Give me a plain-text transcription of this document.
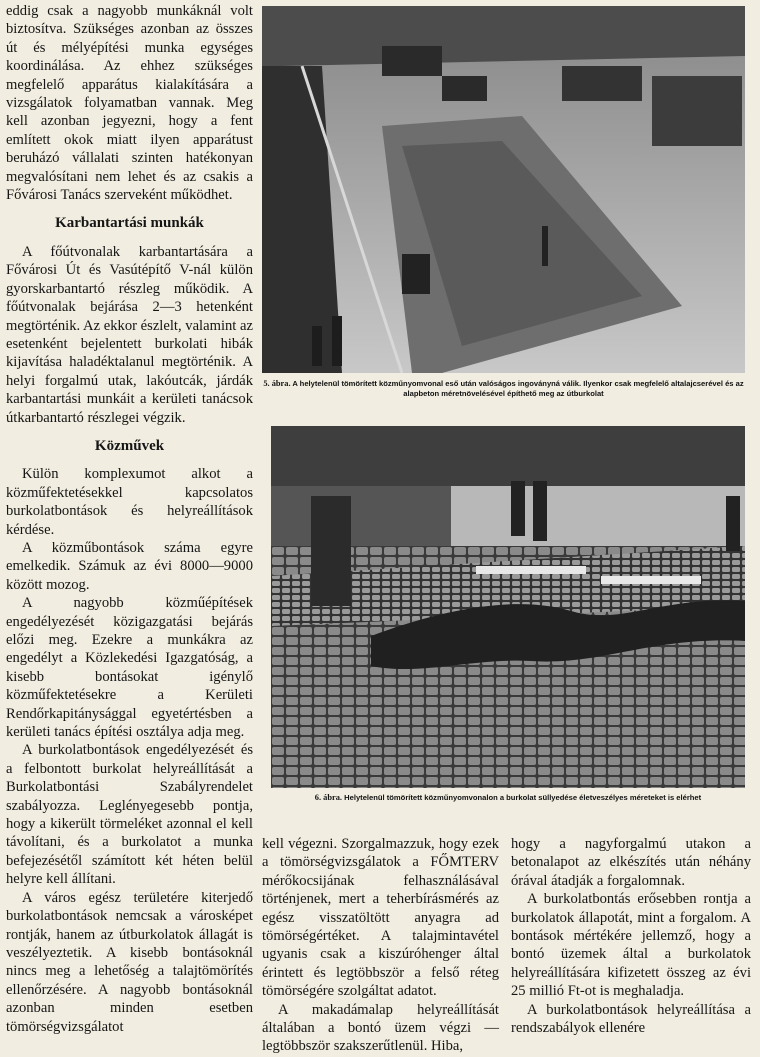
eddig csak a nagyobb munkáknál volt biztosítva. Szükséges azonban az összes út és mélyépítési munka egységes koordinálása. Az ehhez szükséges megfelelő apparátus kialakítására a vizsgálatok folyamatban vannak. Meg kell azonban jegyezni, hogy a fent említett okok miatt ilyen apparátust beruházó vállalati szinten hatékonyan megvalósítani nem lehet és az csakis a Fővárosi Tanács szerveként működhet.

Karbantartási munkák

A főútvonalak karbantartására a Fővárosi Út és Vasútépítő V-nál külön gyorskarbantartó részleg működik. A főútvonalak bejárása 2—3 hetenként megtörténik. Az ekkor észlelt, valamint az esetenként bejelentett burkolati hibák kijavítása haladéktalanul megtörténik. A helyi forgalmú utak, lakóutcák, járdák karbantartási munkáit a kerületi tanácsok útkarbantartó részlegei végzik.

Közművek

Külön komplexumot alkot a közműfektetésekkel kapcsolatos burkolatbontások és helyreállítások kérdése.

A közműbontások száma egyre emelkedik. Számuk az évi 8000—9000 között mozog.

A nagyobb közműépítések engedélyezését közigazgatási bejárás előzi meg. Ezekre a munkákra az engedélyt a Közlekedési Igazgatóság, a kisebb bontásokat igénylő közműfektetésekre a Kerületi Rendőrkapitánysággal egyetértésben a kerületi tanács építési osztálya adja meg.

A burkolatbontások engedélyezését és a felbontott burkolat helyreállítását a Burkolatbontási Szabályrendelet szabályozza. Leglényegesebb pontja, hogy a kikerült törmeléket azonnal el kell távolítani, és a burkolatot a munka befejezésétől számított két héten belül helyre kell állítani.

A város egész területére kiterjedő burkolatbontások nemcsak a városképet rontják, hanem az útburkolatok állagát is veszélyeztetik. A kisebb bontásoknál nincs meg a lehetőség a talajtömörítés ellenőrzésére. A nagyobb bontásoknál azonban minden esetben tömörségvizsgálatot

5. ábra. A helytelenül tömörített közműnyomvonal eső után valóságos ingoványná válik. Ilyenkor csak megfelelő altalajcserével és az alapbeton méretnövelésével építhető meg az útburkolat
6. ábra. Helytelenül tömörített közműnyomvonalon a burkolat süllyedése életveszélyes méreteket is elérhet

kell végezni. Szorgalmazzuk, hogy ezek a tömörségvizsgálatok a FŐMTERV mérőkocsijának felhasználásával történjenek, mert a teherbírásmérés az egész visszatöltött anyagra ad tömörségértéket. A talajmintavétel ugyanis csak a kiszúróhenger által érintett és legtöbbször a felső réteg tömörségére szolgáltat adatot.

A makadámalap helyreállítását általában a bontó üzem végzi — legtöbbször szakszerűtlenül. Hiba,

hogy a nagyforgalmú utakon a betonalapot az elkészítés után néhány órával átadják a forgalomnak.

A burkolatbontás erősebben rontja a burkolatok állapotát, mint a forgalom. A bontások mértékére jellemző, hogy a bontó üzemek által a burkolatok helyreállítására kifizetett összeg az évi 25 millió Ft-ot is meghaladja.

A burkolatbontások helyreállítása a rendszabályok ellenére
